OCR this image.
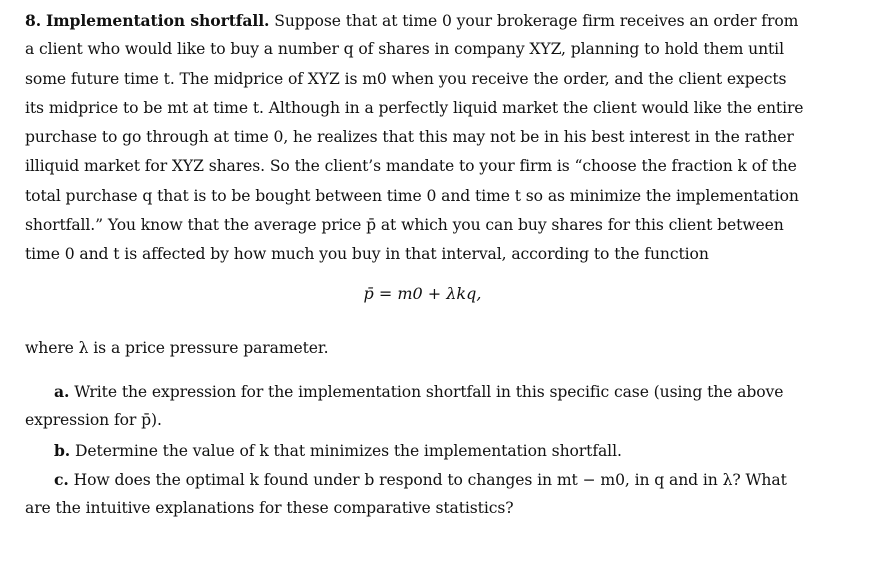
8. Implementation shortfall. Suppose that at time 0 your brokerage firm receives an order from
a client who would like to buy a number q of shares in company XYZ, planning to hold them until
some future time t. The midprice of XYZ is m0 when you receive the order, and the client expects
its midprice to be mt at time t. Although in a perfectly liquid market the client would like the entire
purchase to go through at time 0, he realizes that this may not be in his best interest in the rather
illiquid market for XYZ shares. So the client’s mandate to your firm is “choose the fraction k of the
total purchase q that is to be bought between time 0 and time t so as minimize the implementation
shortfall.” You know that the average price p̄ at which you can buy shares for this client between
time 0 and t is affected by how much you buy in that interval, according to the function
p̄ = m0 + λkq,
where λ is a price pressure parameter.
a. Write the expression for the implementation shortfall in this specific case (using the above
expression for p̄).
b. Determine the value of k that minimizes the implementation shortfall.
c. How does the optimal k found under b respond to changes in mt − m0, in q and in λ? What
are the intuitive explanations for these comparative statistics?
